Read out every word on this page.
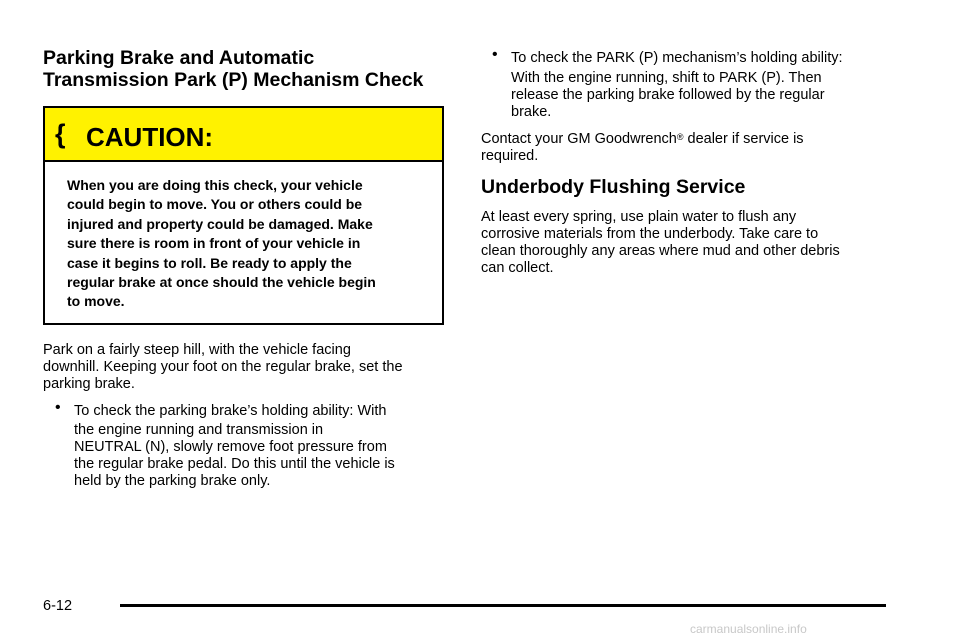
Parking Brake and Automatic
Transmission Park (P) Mechanism Check
{ CAUTION:

When you are doing this check, your vehicle
could begin to move. You or others could be
injured and property could be damaged. Make
sure there is room in front of your vehicle in
case it begins to roll. Be ready to apply the
regular brake at once should the vehicle begin
to move.

Park on a fairly steep hill, with the vehicle facing
downhill. Keeping your foot on the regular brake, set the
parking brake.

• To check the parking brake’s holding ability: With
the engine running and transmission in
NEUTRAL (N), slowly remove foot pressure from
the regular brake pedal. Do this until the vehicle is
held by the parking brake only.
• To check the PARK (P) mechanism’s holding ability:
With the engine running, shift to PARK (P). Then
release the parking brake followed by the regular
brake.

Contact your GM Goodwrench® dealer if service is
required.

Underbody Flushing Service

At least every spring, use plain water to flush any
corrosive materials from the underbody. Take care to
clean thoroughly any areas where mud and other debris
can collect.

6-12
carmanualsonline.info
